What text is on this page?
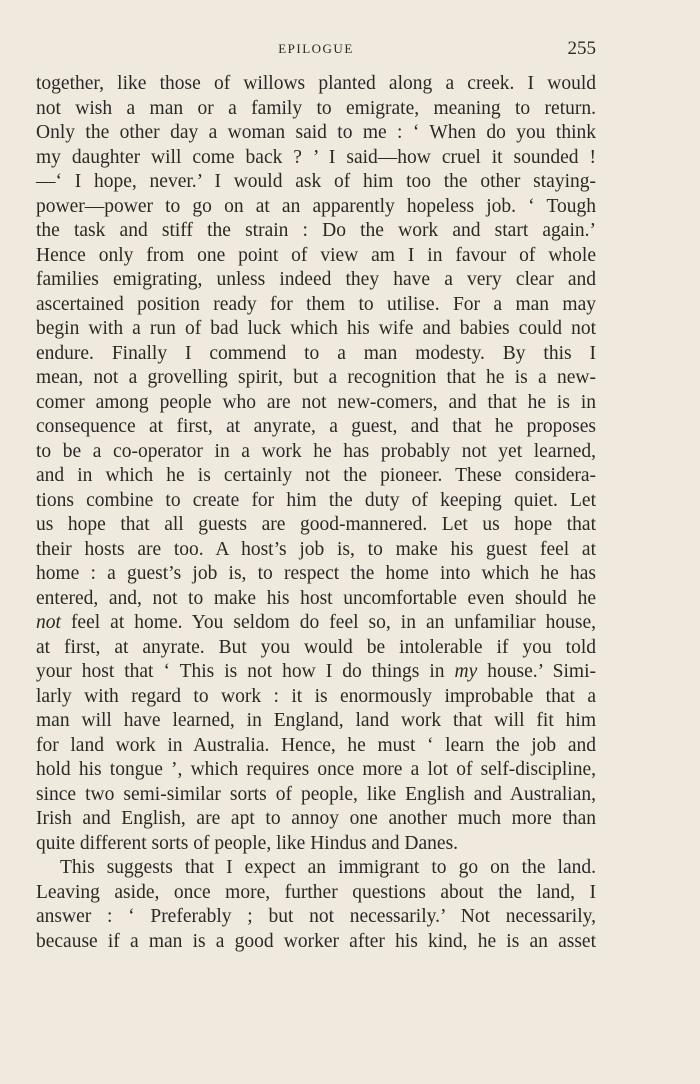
EPILOGUE	255
together, like those of willows planted along a creek. I would
not wish a man or a family to emigrate, meaning to return.
Only the other day a woman said to me : ‘ When do you think
my daughter will come back ? ’ I said—how cruel it sounded !
—‘ I hope, never.’ I would ask of him too the other staying-
power—power to go on at an apparently hopeless job. ‘ Tough
the task and stiff the strain : Do the work and start again.’
Hence only from one point of view am I in favour of whole
families emigrating, unless indeed they have a very clear and
ascertained position ready for them to utilise. For a man may
begin with a run of bad luck which his wife and babies could not
endure. Finally I commend to a man modesty. By this I
mean, not a grovelling spirit, but a recognition that he is a new-
comer among people who are not new-comers, and that he is in
consequence at first, at anyrate, a guest, and that he proposes
to be a co-operator in a work he has probably not yet learned,
and in which he is certainly not the pioneer. These considera-
tions combine to create for him the duty of keeping quiet. Let
us hope that all guests are good-mannered. Let us hope that
their hosts are too. A host’s job is, to make his guest feel at
home : a guest’s job is, to respect the home into which he has
entered, and, not to make his host uncomfortable even should he
not feel at home. You seldom do feel so, in an unfamiliar house,
at first, at anyrate. But you would be intolerable if you told
your host that ‘ This is not how I do things in my house.’ Simi-
larly with regard to work : it is enormously improbable that a
man will have learned, in England, land work that will fit him
for land work in Australia. Hence, he must ‘ learn the job and
hold his tongue ’, which requires once more a lot of self-discipline,
since two semi-similar sorts of people, like English and Australian,
Irish and English, are apt to annoy one another much more than
quite different sorts of people, like Hindus and Danes.
This suggests that I expect an immigrant to go on the land.
Leaving aside, once more, further questions about the land, I
answer : ‘ Preferably ; but not necessarily.’ Not necessarily,
because if a man is a good worker after his kind, he is an asset
